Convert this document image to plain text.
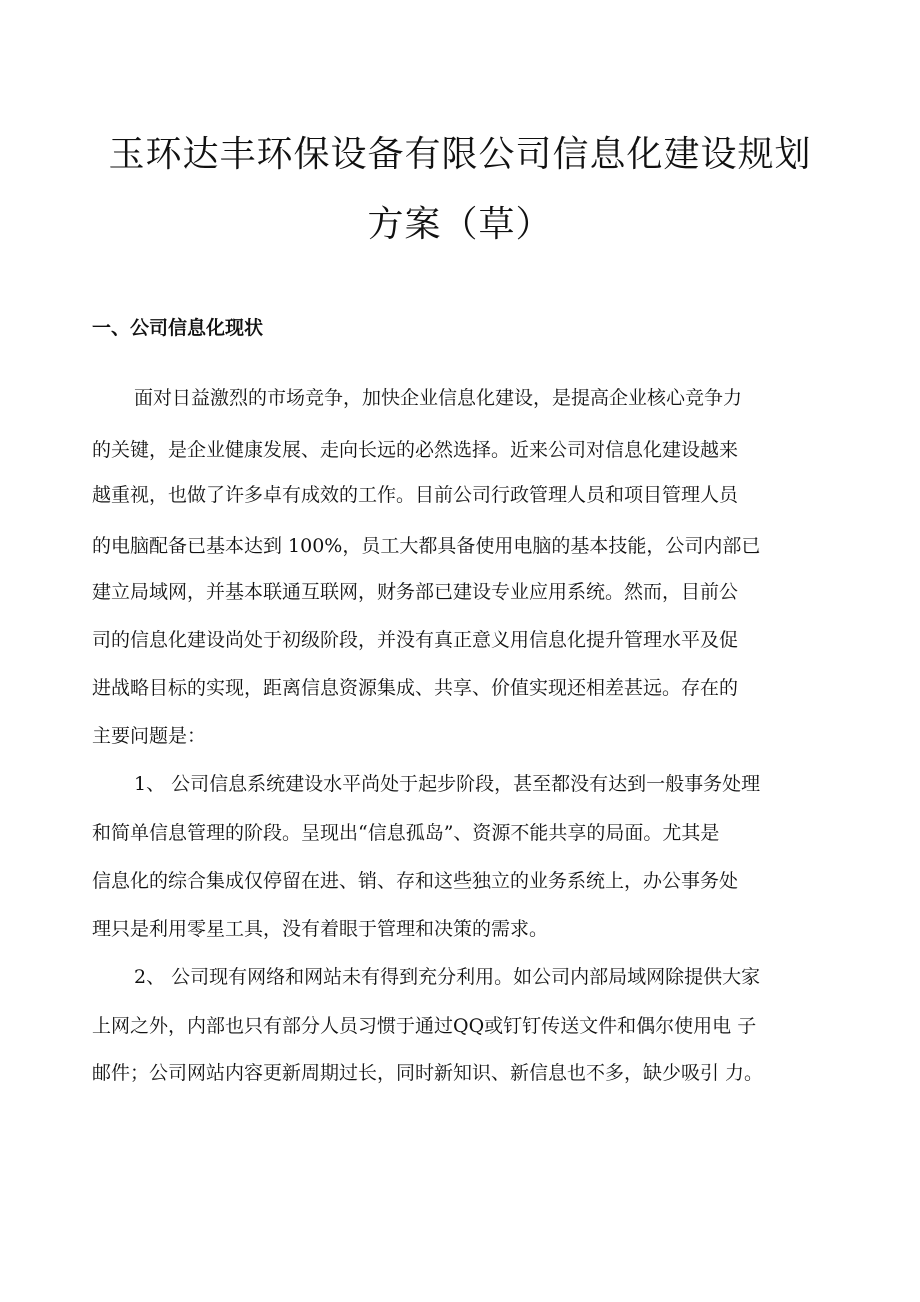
玉环达丰环保设备有限公司信息化建设规划
方案（草）
一、公司信息化现状
面对日益激烈的市场竞争，加快企业信息化建设，是提高企业核心竞争力
的关键，是企业健康发展、走向长远的必然选择。近来公司对信息化建设越来
越重视，也做了许多卓有成效的工作。目前公司行政管理人员和项目管理人员
的电脑配备已基本达到 100%，员工大都具备使用电脑的基本技能，公司内部已
建立局域网，并基本联通互联网，财务部已建设专业应用系统。然而，目前公
司的信息化建设尚处于初级阶段，并没有真正意义用信息化提升管理水平及促
进战略目标的实现，距离信息资源集成、共享、价值实现还相差甚远。存在的
主要问题是：
1、 公司信息系统建设水平尚处于起步阶段，甚至都没有达到一般事务处理
和简单信息管理的阶段。呈现出“信息孤岛”、资源不能共享的局面。尤其是
信息化的综合集成仅停留在进、销、存和这些独立的业务系统上，办公事务处
理只是利用零星工具，没有着眼于管理和决策的需求。
2、 公司现有网络和网站未有得到充分利用。如公司内部局域网除提供大家
上网之外，内部也只有部分人员习惯于通过QQ或钉钉传送文件和偶尔使用电 子
邮件；公司网站内容更新周期过长，同时新知识、新信息也不多，缺少吸引 力。
